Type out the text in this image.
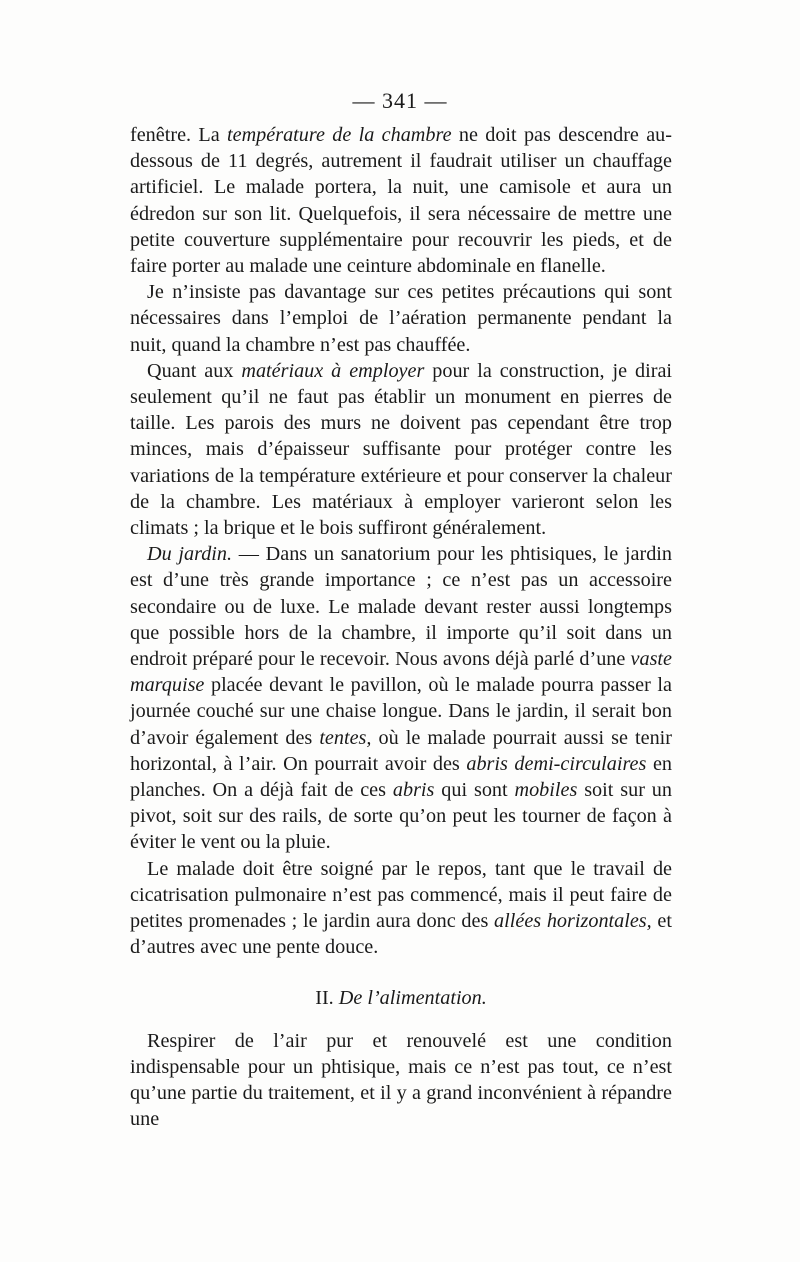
— 341 —

fenêtre. La température de la chambre ne doit pas descendre au-dessous de 11 degrés, autrement il faudrait utiliser un chauffage artificiel. Le malade portera, la nuit, une camisole et aura un édredon sur son lit. Quelquefois, il sera nécessaire de mettre une petite couverture supplémentaire pour recouvrir les pieds, et de faire porter au malade une ceinture abdominale en flanelle.

Je n’insiste pas davantage sur ces petites précautions qui sont nécessaires dans l’emploi de l’aération permanente pendant la nuit, quand la chambre n’est pas chauffée.

Quant aux matériaux à employer pour la construction, je dirai seulement qu’il ne faut pas établir un monument en pierres de taille. Les parois des murs ne doivent pas cependant être trop minces, mais d’épaisseur suffisante pour protéger contre les variations de la température extérieure et pour conserver la chaleur de la chambre. Les matériaux à employer varieront selon les climats ; la brique et le bois suffiront généralement.

Du jardin. — Dans un sanatorium pour les phtisiques, le jardin est d’une très grande importance ; ce n’est pas un accessoire secondaire ou de luxe. Le malade devant rester aussi longtemps que possible hors de la chambre, il importe qu’il soit dans un endroit préparé pour le recevoir. Nous avons déjà parlé d’une vaste marquise placée devant le pavillon, où le malade pourra passer la journée couché sur une chaise longue. Dans le jardin, il serait bon d’avoir également des tentes, où le malade pourrait aussi se tenir horizontal, à l’air. On pourrait avoir des abris demi-circulaires en planches. On a déjà fait de ces abris qui sont mobiles soit sur un pivot, soit sur des rails, de sorte qu’on peut les tourner de façon à éviter le vent ou la pluie.

Le malade doit être soigné par le repos, tant que le travail de cicatrisation pulmonaire n’est pas commencé, mais il peut faire de petites promenades ; le jardin aura donc des allées horizontales, et d’autres avec une pente douce.

II. De l’alimentation.

Respirer de l’air pur et renouvelé est une condition indispensable pour un phtisique, mais ce n’est pas tout, ce n’est qu’une partie du traitement, et il y a grand inconvénient à répandre une
